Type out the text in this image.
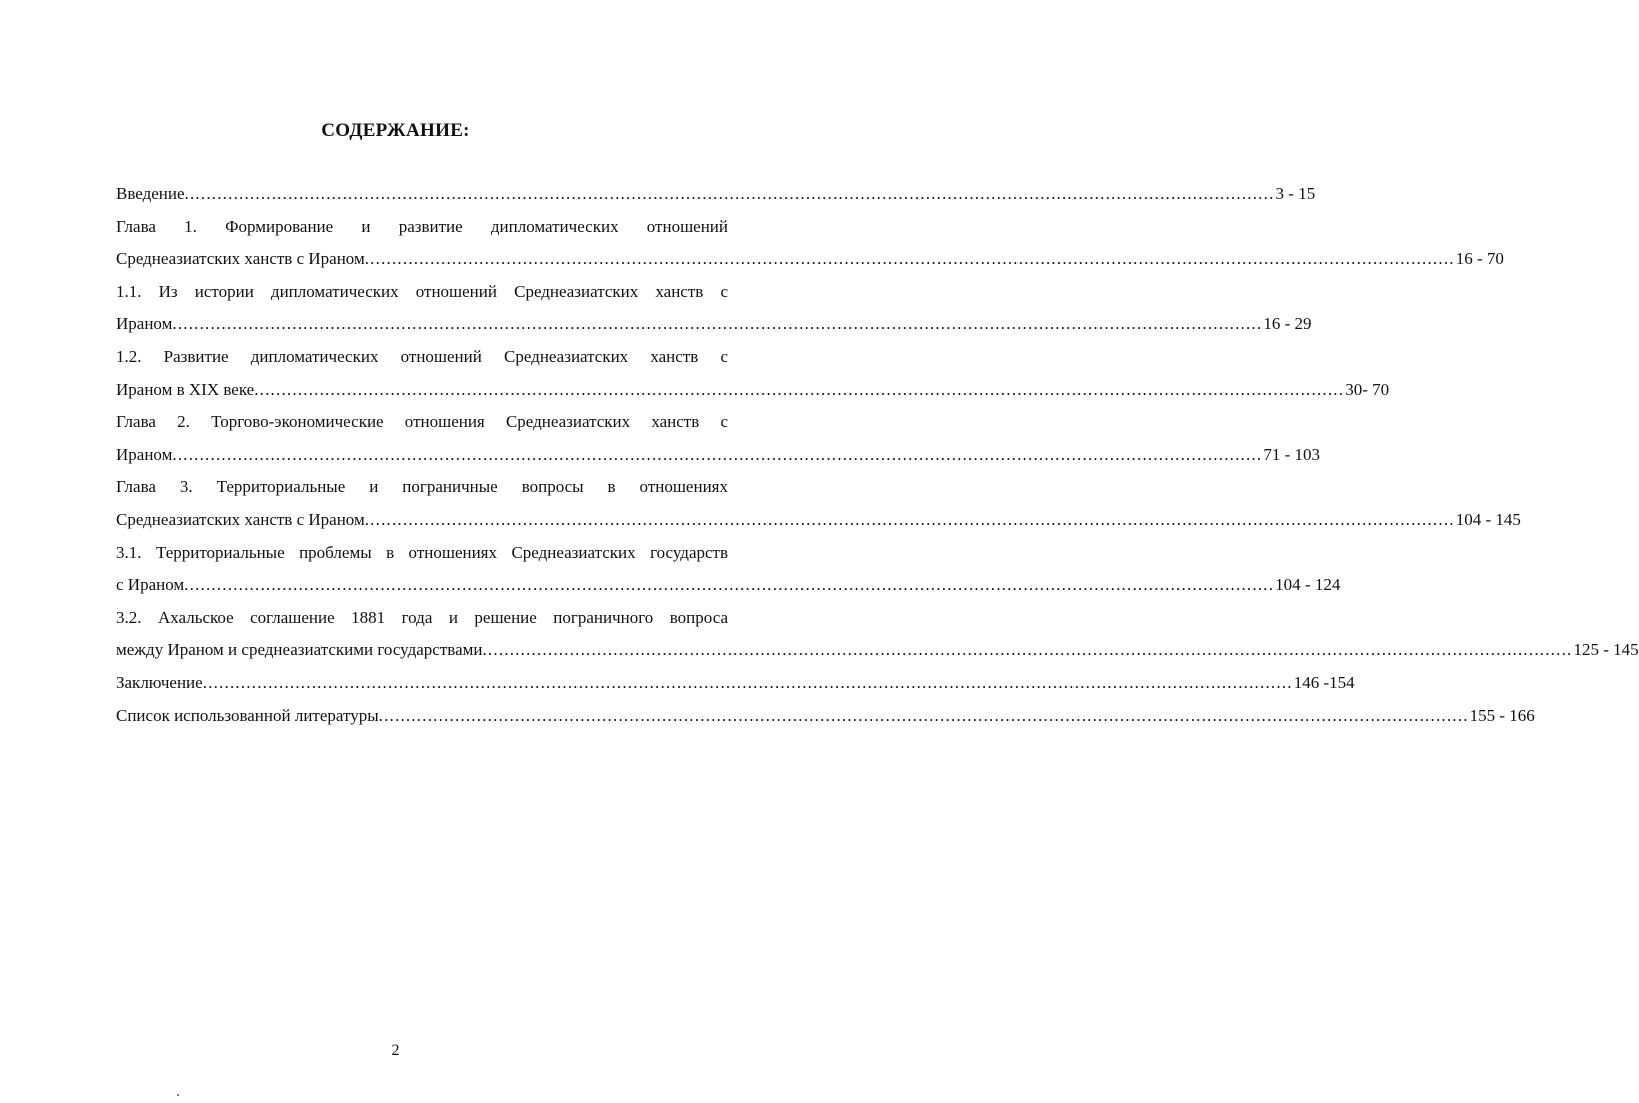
СОДЕРЖАНИЕ:
Введение ........................................................................................................................................................................................................ 3 - 15
Глава 1. Формирование и развитие дипломатических отношений
Среднеазиатских ханств с Ираном ........................................................................................................................................................................................................ 16 - 70
1.1. Из истории дипломатических отношений Среднеазиатских ханств с
Ираном ........................................................................................................................................................................................................ 16 - 29
1.2. Развитие дипломатических отношений Среднеазиатских ханств с
Ираном в XIX веке ........................................................................................................................................................................................................ 30- 70
Глава 2. Торгово-экономические отношения Среднеазиатских ханств с
Ираном ........................................................................................................................................................................................................ 71 - 103
Глава 3. Территориальные и пограничные вопросы в отношениях
Среднеазиатских ханств с Ираном ........................................................................................................................................................................................................ 104 - 145
3.1. Территориальные проблемы в отношениях Среднеазиатских государств
с Ираном ........................................................................................................................................................................................................ 104 - 124
3.2. Ахальское соглашение 1881 года и решение пограничного вопроса
между Ираном и среднеазиатскими государствами ........................................................................................................................................................................................................ 125 - 145
Заключение ........................................................................................................................................................................................................ 146 -154
Список использованной литературы ........................................................................................................................................................................................................ 155 - 166
2
